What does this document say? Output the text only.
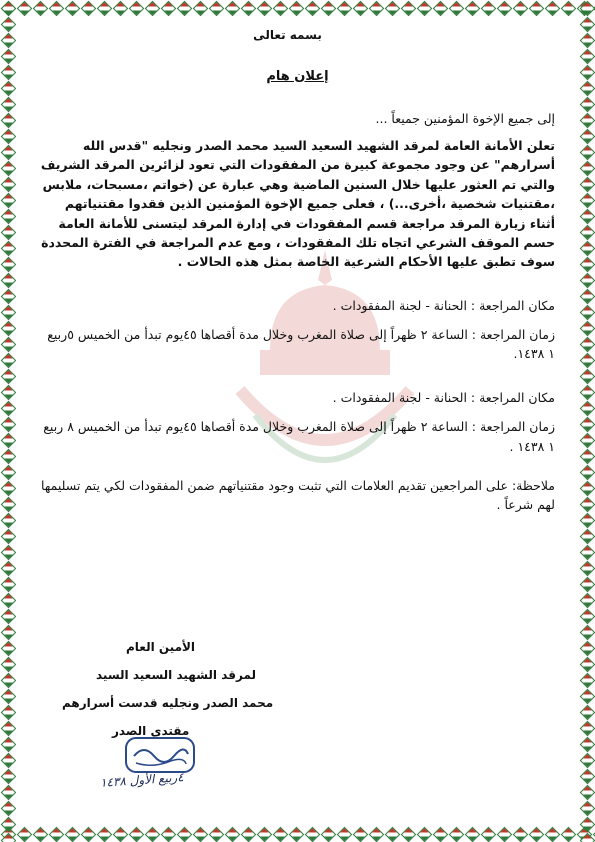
بسمه تعالى
إعلان هام
إلى جميع الإخوة المؤمنين جميعاً ...
تعلن الأمانة العامة لمرقد الشهيد السعيد السيد محمد الصدر ونجليه "قدس الله أسرارهم" عن وجود مجموعة كبيرة من المفقودات التي تعود لزائرين المرقد الشريف والتي تم العثور عليها خلال السنين الماضية وهي عبارة عن (خواتم ،مسبحات، ملابس ،مقتنيات شخصية ،أخرى...) ، فعلى جميع الإخوة المؤمنين الذين فقدوا مقتنياتهم أثناء زيارة المرقد مراجعة قسم المفقودات في إدارة المرقد ليتسنى للأمانة العامة حسم الموقف الشرعي اتجاه تلك المفقودات ، ومع عدم المراجعة في الفترة المحددة سوف تطبق عليها الأحكام الشرعية الخاصة بمثل هذه الحالات .
مكان المراجعة : الحنانة - لجنة المفقودات .
زمان المراجعة : الساعة ٢ ظهراً إلى صلاة المغرب وخلال مدة أقصاها ٤٥يوم تبدأ من الخميس ٥ربيع ١ ١٤٣٨.
مكان المراجعة : الحنانة - لجنة المفقودات .
زمان المراجعة : الساعة ٢ ظهراً إلى صلاة المغرب وخلال مدة أقصاها ٤٥يوم تبدأ من الخميس ٨ ربيع ١ ١٤٣٨ .
ملاحظة: على المراجعين تقديم العلامات التي تثبت وجود مقتنياتهم ضمن المفقودات لكي يتم تسليمها لهم شرعاً .
الأمين العام
لمرقد الشهيد السعيد السيد
محمد الصدر ونجليه قدست أسرارهم
مقتدى الصدر
٤ربيع الأول ١٤٣٨
